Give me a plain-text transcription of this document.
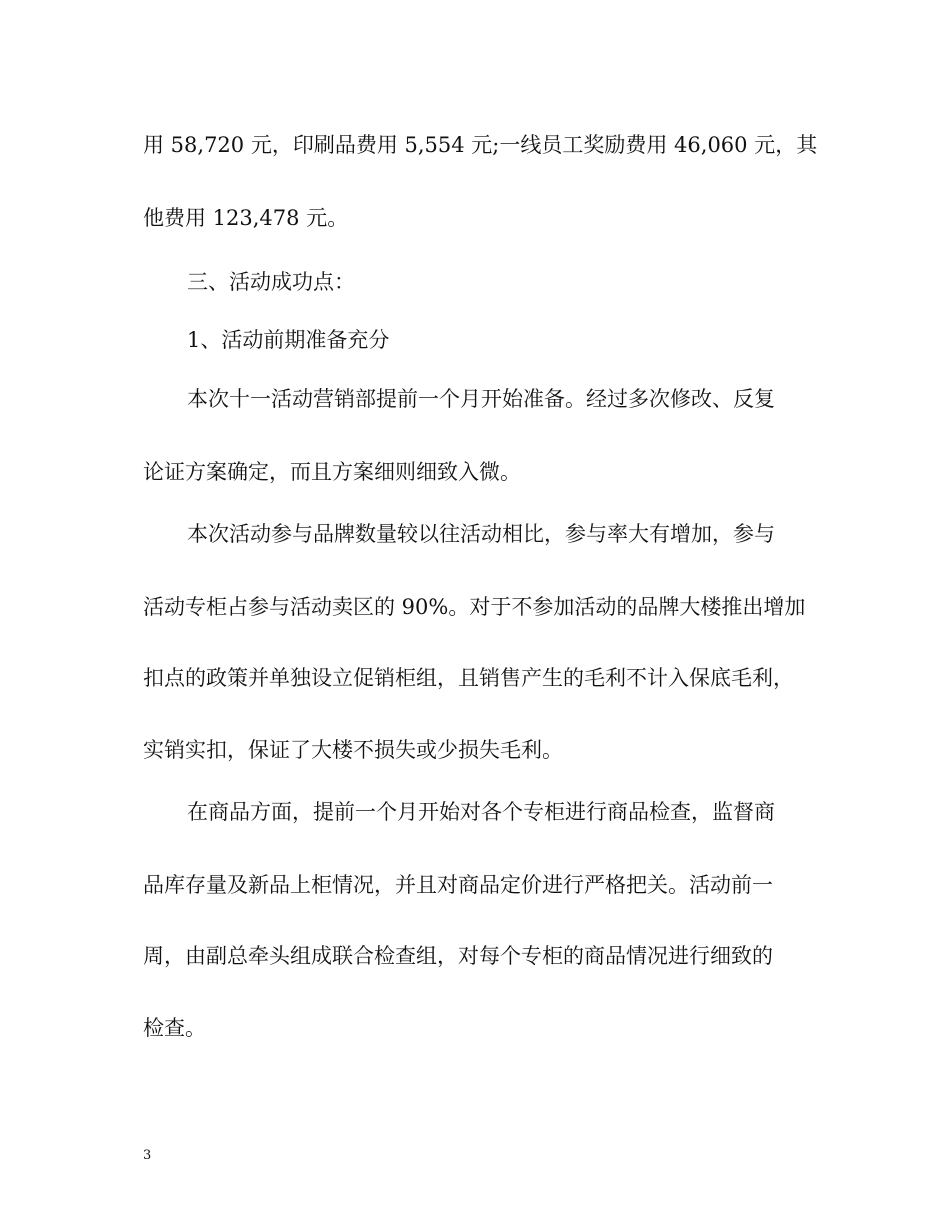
用 58,720 元，印刷品费用 5,554 元;一线员工奖励费用 46,060 元，其
他费用 123,478 元。
三、活动成功点：
1、活动前期准备充分
本次十一活动营销部提前一个月开始准备。经过多次修改、反复
论证方案确定，而且方案细则细致入微。
本次活动参与品牌数量较以往活动相比，参与率大有增加，参与
活动专柜占参与活动卖区的 90%。对于不参加活动的品牌大楼推出增加
扣点的政策并单独设立促销柜组，且销售产生的毛利不计入保底毛利，
实销实扣，保证了大楼不损失或少损失毛利。
在商品方面，提前一个月开始对各个专柜进行商品检查，监督商
品库存量及新品上柜情况，并且对商品定价进行严格把关。活动前一
周，由副总牵头组成联合检查组，对每个专柜的商品情况进行细致的
检查。
3
